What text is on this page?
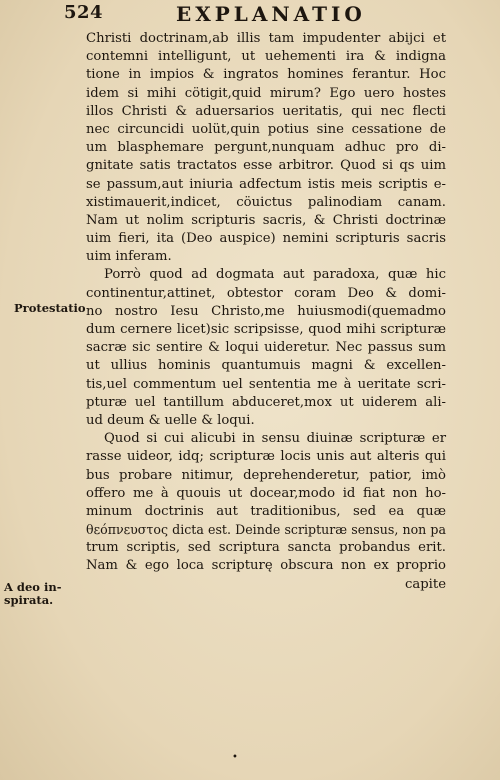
524	EXPLANATIO
Christi doctrinam,ab illis tam impudenter abijci et
contemni intelligunt, ut uehementi ira & indigna
tione in impios & ingratos homines ferantur. Hoc
idem si mihi cötigit,quid mirum? Ego uero hostes
illos Christi & aduersarios ueritatis, qui nec flecti
nec circuncidi uolüt,quin potius sine cessatione de
um blasphemare pergunt,nunquam adhuc pro di-
gnitate satis tractatos esse arbitror. Quod si qs uim
se passum,aut iniuria adfectum istis meis scriptis e-
xistimauerit,indicet, cöuictus palinodiam canam.
Nam ut nolim scripturis sacris, & Christi doctrinæ
uim fieri, ita (Deo auspice) nemini scripturis sacris
uim inferam.
Porrò quod ad dogmata aut paradoxa, quæ hic
continentur,attinet, obtestor coram Deo & domi-
no nostro Iesu Christo,me huiusmodi(quemadmo
dum cernere licet)sic scripsisse, quod mihi scripturæ
sacræ sic sentire & loqui uideretur. Nec passus sum
ut ullius hominis quantumuis magni & excellen-
tis,uel commentum uel sententia me à ueritate scri-
pturæ uel tantillum abduceret,mox ut uiderem ali-
ud deum & uelle & loqui.
Quod si cui alicubi in sensu diuinæ scripturæ er
rasse uideor, idq; scripturæ locis unis aut alteris qui
bus probare nitimur, deprehenderetur, patior, imò
offero me à quouis ut docear,modo id fiat non ho-
minum doctrinis aut traditionibus, sed ea quæ
θεόπνευστος dicta est. Deinde scripturæ sensus, non pa
trum scriptis, sed scriptura sancta probandus erit.
Nam & ego loca scripturę obscura non ex proprio
capite
Protestatio
A deo in-
spirata.
•
